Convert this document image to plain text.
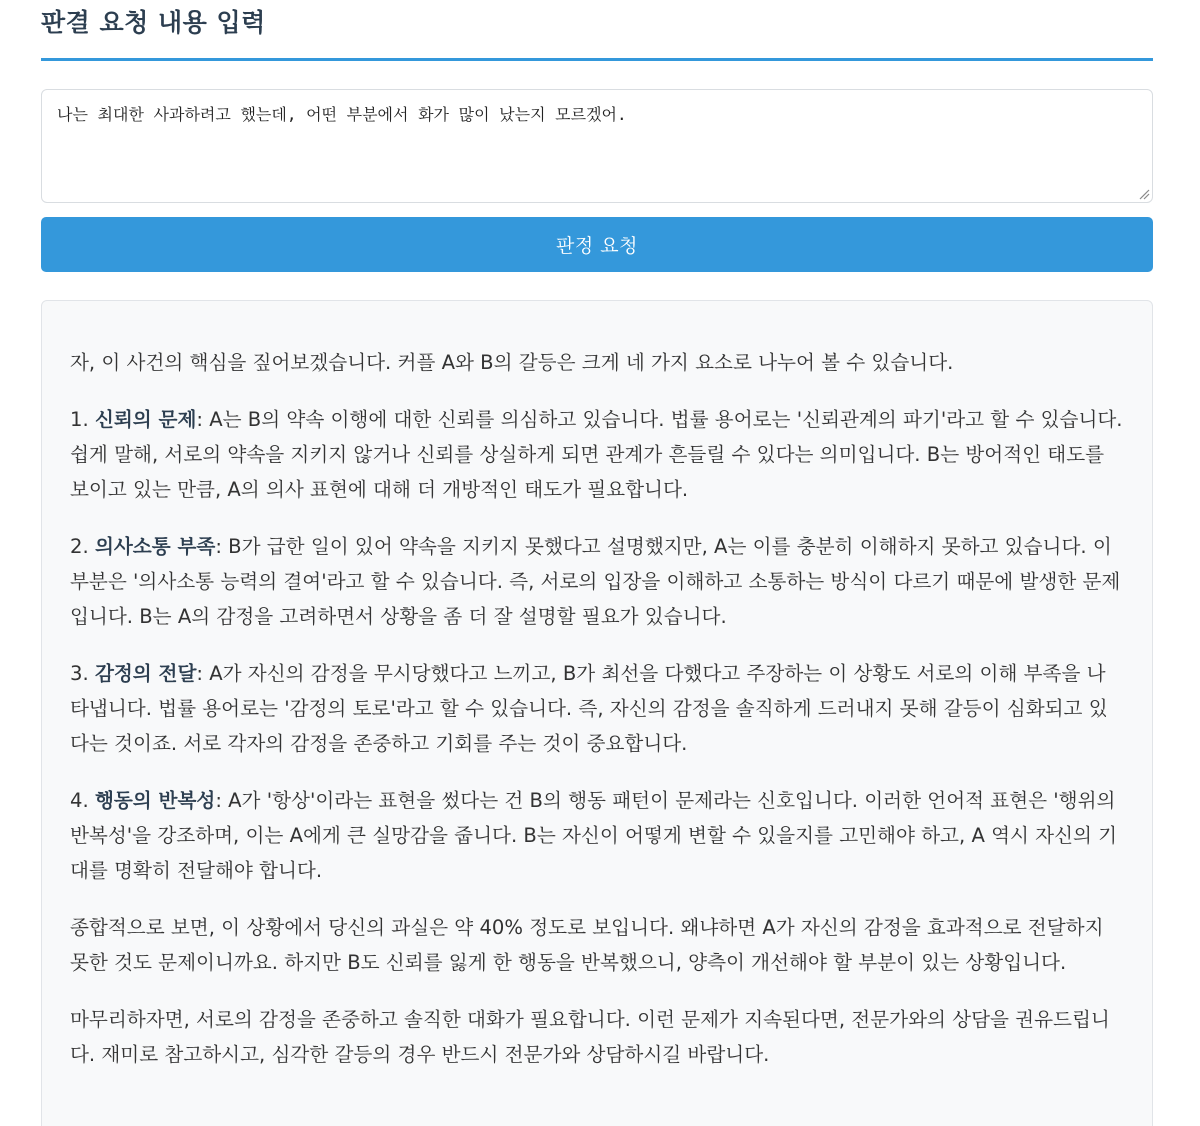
판결 요청 내용 입력
나는 최대한 사과하려고 했는데, 어떤 부분에서 화가 많이 났는지 모르겠어.
판정 요청

자, 이 사건의 핵심을 짚어보겠습니다. 커플 A와 B의 갈등은 크게 네 가지 요소로 나누어 볼 수 있습니다.

1. 신뢰의 문제: A는 B의 약속 이행에 대한 신뢰를 의심하고 있습니다. 법률 용어로는 '신뢰관계의 파기'라고 할 수 있습니다. 쉽게 말해, 서로의 약속을 지키지 않거나 신뢰를 상실하게 되면 관계가 흔들릴 수 있다는 의미입니다. B는 방어적인 태도를 보이고 있는 만큼, A의 의사 표현에 대해 더 개방적인 태도가 필요합니다.

2. 의사소통 부족: B가 급한 일이 있어 약속을 지키지 못했다고 설명했지만, A는 이를 충분히 이해하지 못하고 있습니다. 이 부분은 '의사소통 능력의 결여'라고 할 수 있습니다. 즉, 서로의 입장을 이해하고 소통하는 방식이 다르기 때문에 발생한 문제입니다. B는 A의 감정을 고려하면서 상황을 좀 더 잘 설명할 필요가 있습니다.

3. 감정의 전달: A가 자신의 감정을 무시당했다고 느끼고, B가 최선을 다했다고 주장하는 이 상황도 서로의 이해 부족을 나타냅니다. 법률 용어로는 '감정의 토로'라고 할 수 있습니다. 즉, 자신의 감정을 솔직하게 드러내지 못해 갈등이 심화되고 있다는 것이죠. 서로 각자의 감정을 존중하고 기회를 주는 것이 중요합니다.

4. 행동의 반복성: A가 '항상'이라는 표현을 썼다는 건 B의 행동 패턴이 문제라는 신호입니다. 이러한 언어적 표현은 '행위의 반복성'을 강조하며, 이는 A에게 큰 실망감을 줍니다. B는 자신이 어떻게 변할 수 있을지를 고민해야 하고, A 역시 자신의 기대를 명확히 전달해야 합니다.

종합적으로 보면, 이 상황에서 당신의 과실은 약 40% 정도로 보입니다. 왜냐하면 A가 자신의 감정을 효과적으로 전달하지 못한 것도 문제이니까요. 하지만 B도 신뢰를 잃게 한 행동을 반복했으니, 양측이 개선해야 할 부분이 있는 상황입니다.

마무리하자면, 서로의 감정을 존중하고 솔직한 대화가 필요합니다. 이런 문제가 지속된다면, 전문가와의 상담을 권유드립니다. 재미로 참고하시고, 심각한 갈등의 경우 반드시 전문가와 상담하시길 바랍니다.
